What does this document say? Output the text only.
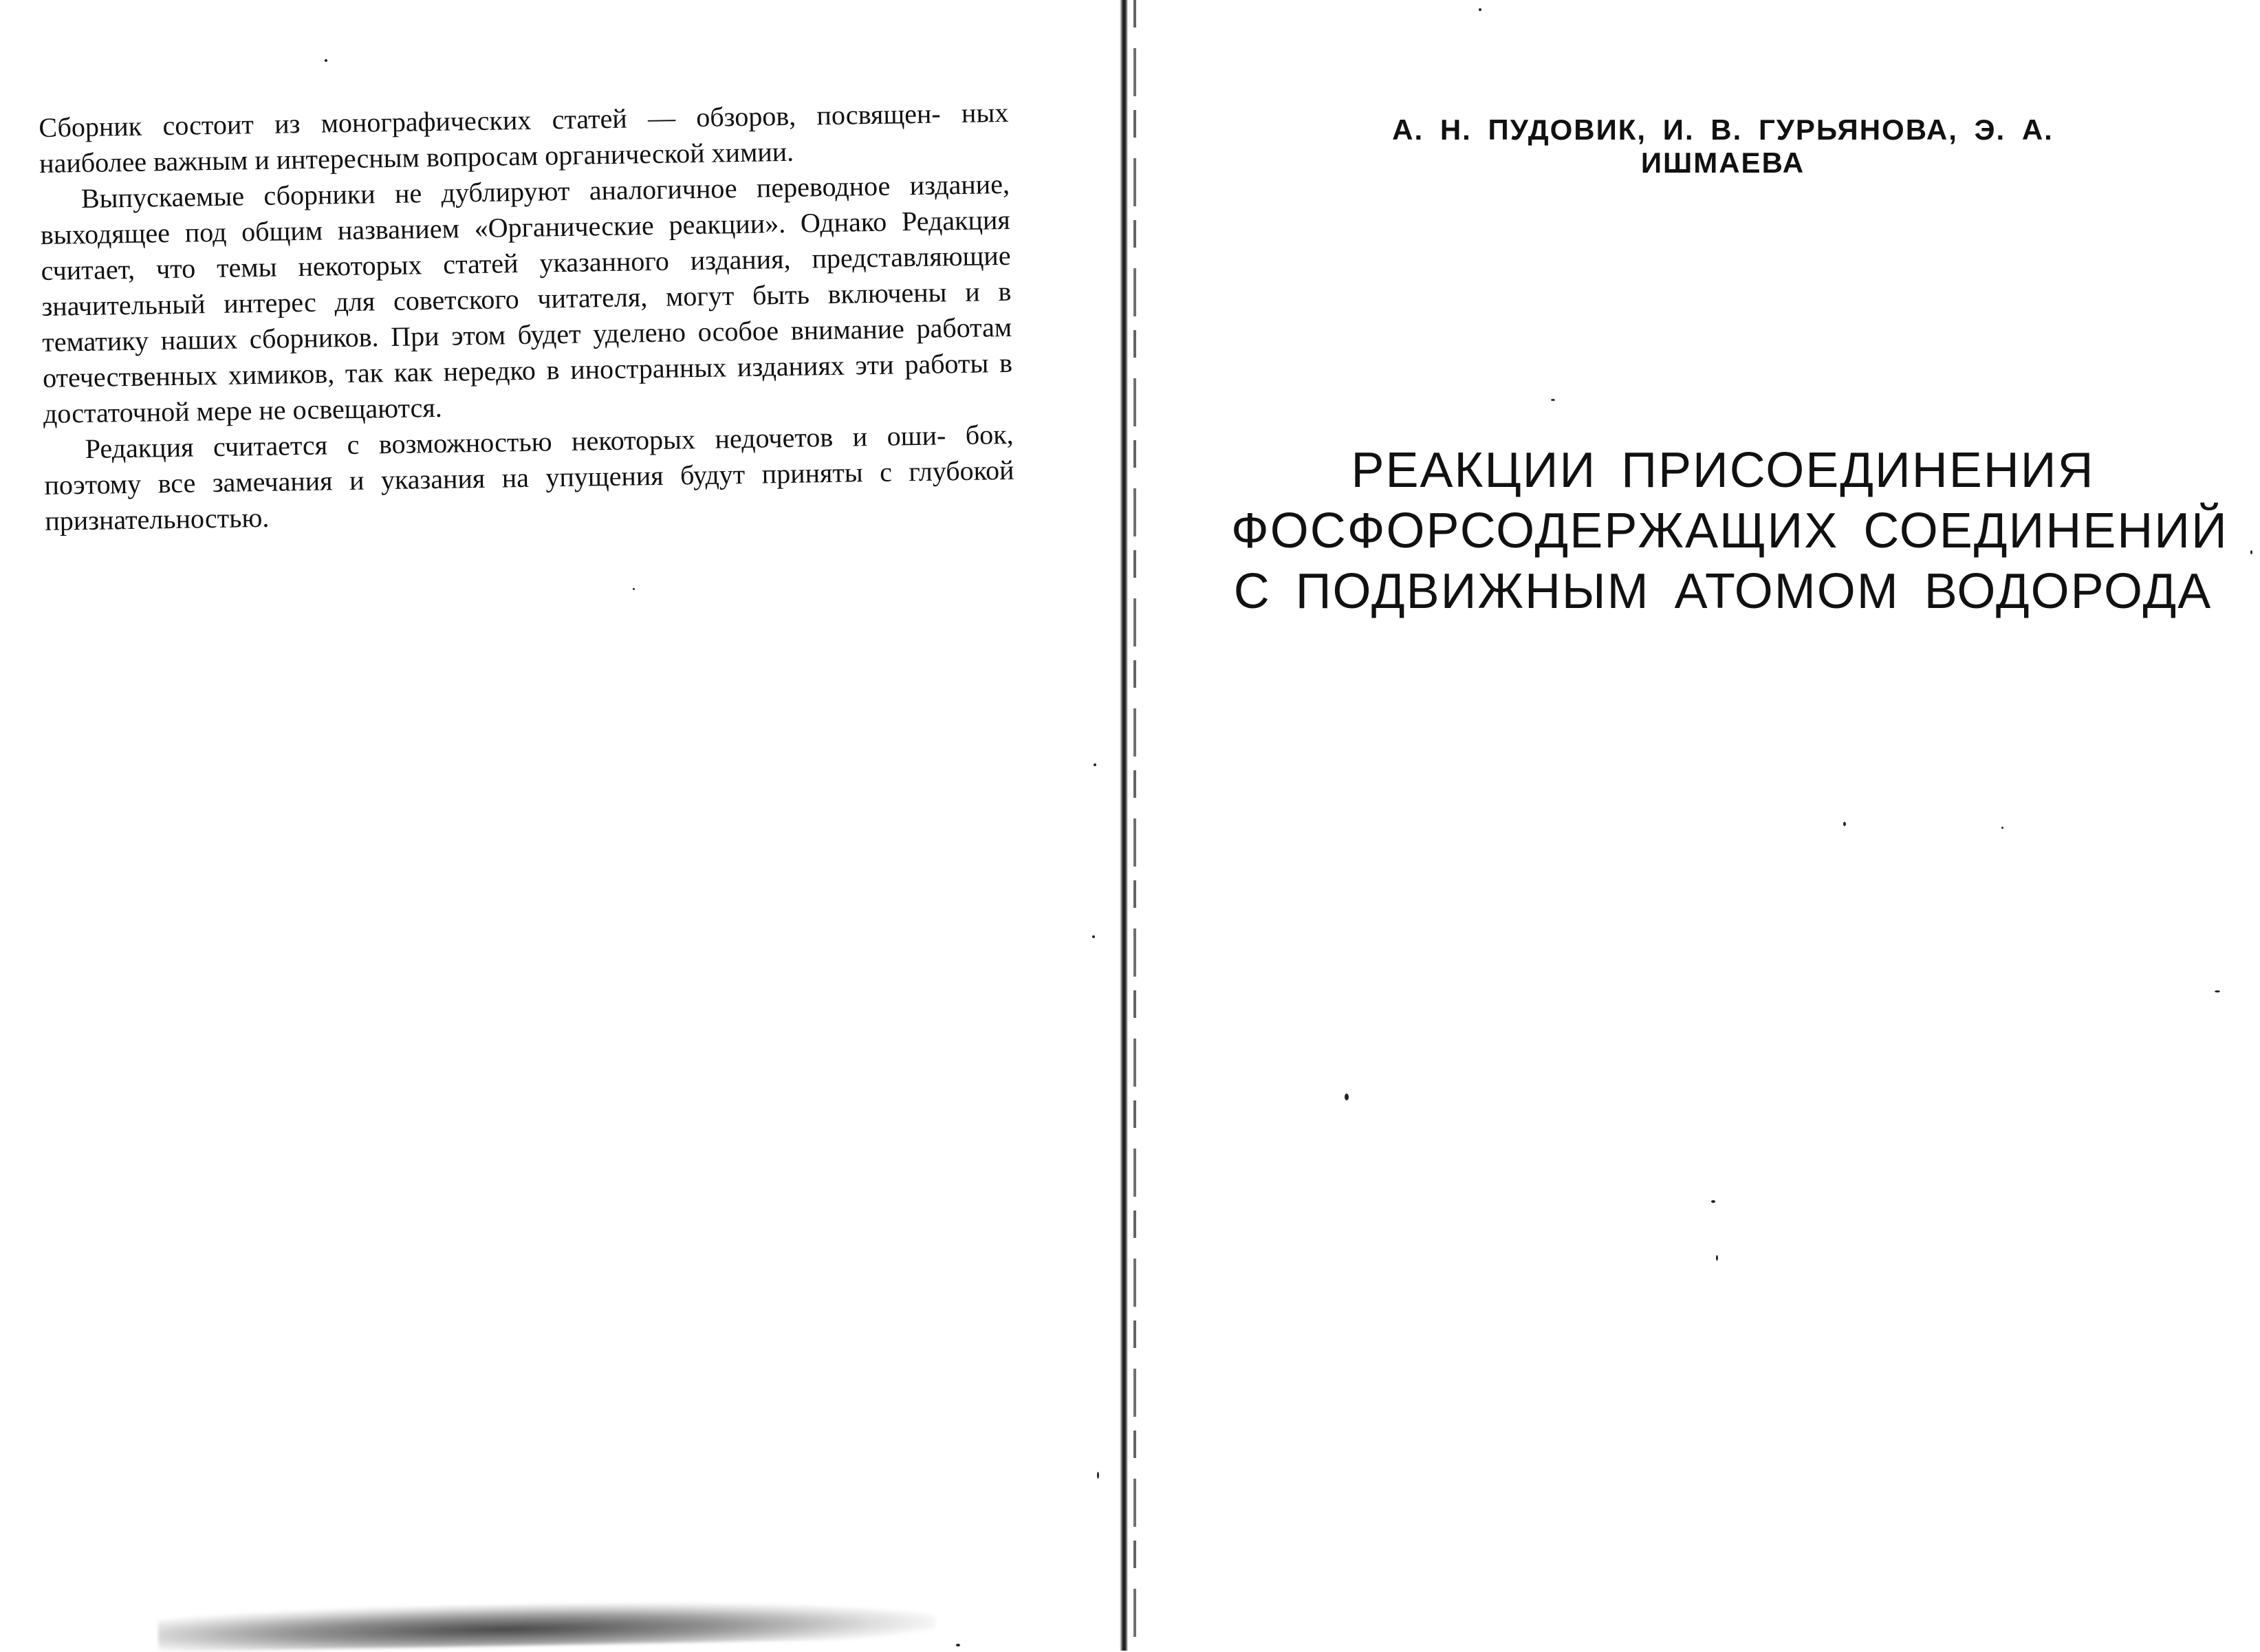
Сборник состоит из монографических статей — обзоров, посвящен- ных наиболее важным и интересным вопросам органической химии.

Выпускаемые сборники не дублируют аналогичное переводное издание, выходящее под общим названием «Органические реакции». Однако Редакция считает, что темы некоторых статей указанного издания, представляющие значительный интерес для советского читателя, могут быть включены и в тематику наших сборников. При этом будет уделено особое внимание работам отечественных химиков, так как нередко в иностранных изданиях эти работы в достаточной мере не освещаются.

Редакция считается с возможностью некоторых недочетов и оши- бок, поэтому все замечания и указания на упущения будут приняты с глубокой признательностью.

А. Н. ПУДОВИК, И. В. ГУРЬЯНОВА, Э. А. ИШМАЕВА
РЕАКЦИИ ПРИСОЕДИНЕНИЯ
ФОСФОРСОДЕРЖАЩИХ СОЕДИНЕНИЙ
С ПОДВИЖНЫМ АТОМОМ ВОДОРОДА
